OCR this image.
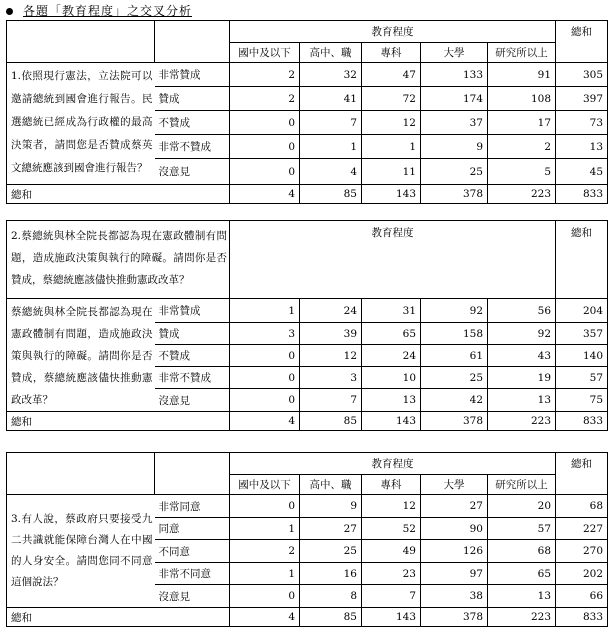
各題「教育程度」之交叉分析
		教育程度					總和
		國中及以下	高中、職	專科	大學	研究所以上	
1.依照現行憲法，立法院可以邀請總統到國會進行報告。民選總統已經成為行政權的最高決策者，請問您是否贊成蔡英文總統應該到國會進行報告？	非常贊成	2	32	47	133	91	305
	贊成	2	41	72	174	108	397
	不贊成	0	7	12	37	17	73
	非常不贊成	0	1	1	9	2	13
	沒意見	0	4	11	25	5	45
總和		4	85	143	378	223	833
2.蔡總統與林全院長都認為現在憲政體制有問題，造成施政決策與執行的障礙。請問你是否贊成，蔡總統應該儘快推動憲政改革？		教育程度					總和
蔡總統與林全院長都認為現在憲政體制有問題，造成施政決策與執行的障礙。請問你是否贊成，蔡總統應該儘快推動憲政改革？	非常贊成	1	24	31	92	56	204
	贊成	3	39	65	158	92	357
	不贊成	0	12	24	61	43	140
	非常不贊成	0	3	10	25	19	57
	沒意見	0	7	13	42	13	75
總和		4	85	143	378	223	833
		教育程度					總和
		國中及以下	高中、職	專科	大學	研究所以上	
3.有人說，蔡政府只要接受九二共識就能保障台灣人在中國的人身安全。請問您同不同意這個說法？	非常同意	0	9	12	27	20	68
	同意	1	27	52	90	57	227
	不同意	2	25	49	126	68	270
	非常不同意	1	16	23	97	65	202
	沒意見	0	8	7	38	13	66
總和		4	85	143	378	223	833
